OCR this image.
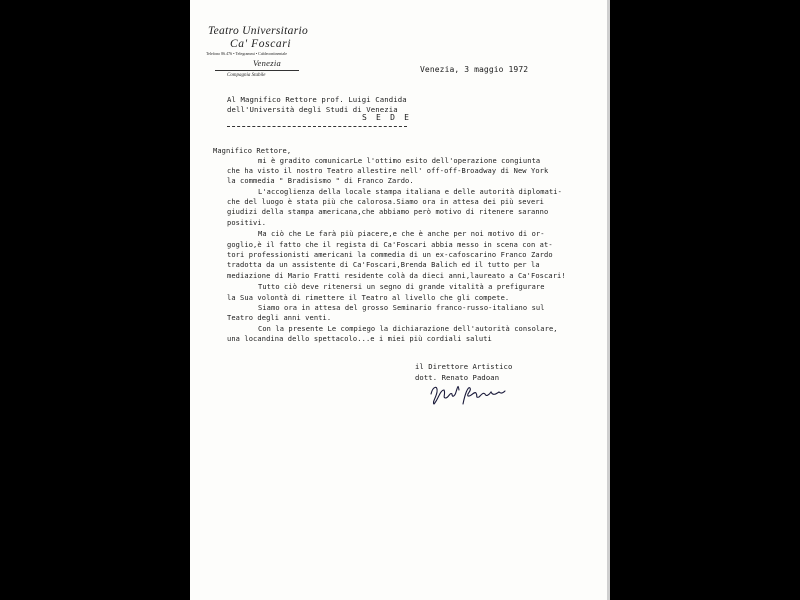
Teatro Universitario
Ca' Foscari
Telefono 86.476 • Telegrammi • Cablecontinentale
Venezia
Compagnia Stabile
Venezia, 3 maggio 1972
Al Magnifico Rettore prof. Luigi Candida
dell'Università degli Studi di Venezia
S E D E
Magnifico Rettore,
mi è gradito comunicarLe l'ottimo esito dell'operazione congiunta
che ha visto il nostro Teatro allestire nell' off-off-Broadway di New York
la commedia " Bradisismo " di Franco Zardo.
L'accoglienza della locale stampa italiana e delle autorità diplomati-
che del luogo è stata più che calorosa.Siamo ora in attesa dei più severi
giudizi della stampa americana,che abbiamo però motivo di ritenere saranno
positivi.
Ma ciò che Le farà più piacere,e che è anche per noi motivo di or-
goglio,è il fatto che il regista di Ca'Foscari abbia messo in scena con at-
tori professionisti americani la commedia di un ex-cafoscarino Franco Zardo
tradotta da un assistente di Ca'Foscari,Brenda Balich ed il tutto per la
mediazione di Mario Fratti residente colà da dieci anni,laureato a Ca'Foscari!
Tutto ciò deve ritenersi un segno di grande vitalità a prefigurare
la Sua volontà di rimettere il Teatro al livello che gli compete.
Siamo ora in attesa del grosso Seminario franco-russo-italiano sul
Teatro degli anni venti.
Con la presente Le compiego la dichiarazione dell'autorità consolare,
una locandina dello spettacolo...e i miei più cordiali saluti
il Direttore Artistico
dott. Renato Padoan
